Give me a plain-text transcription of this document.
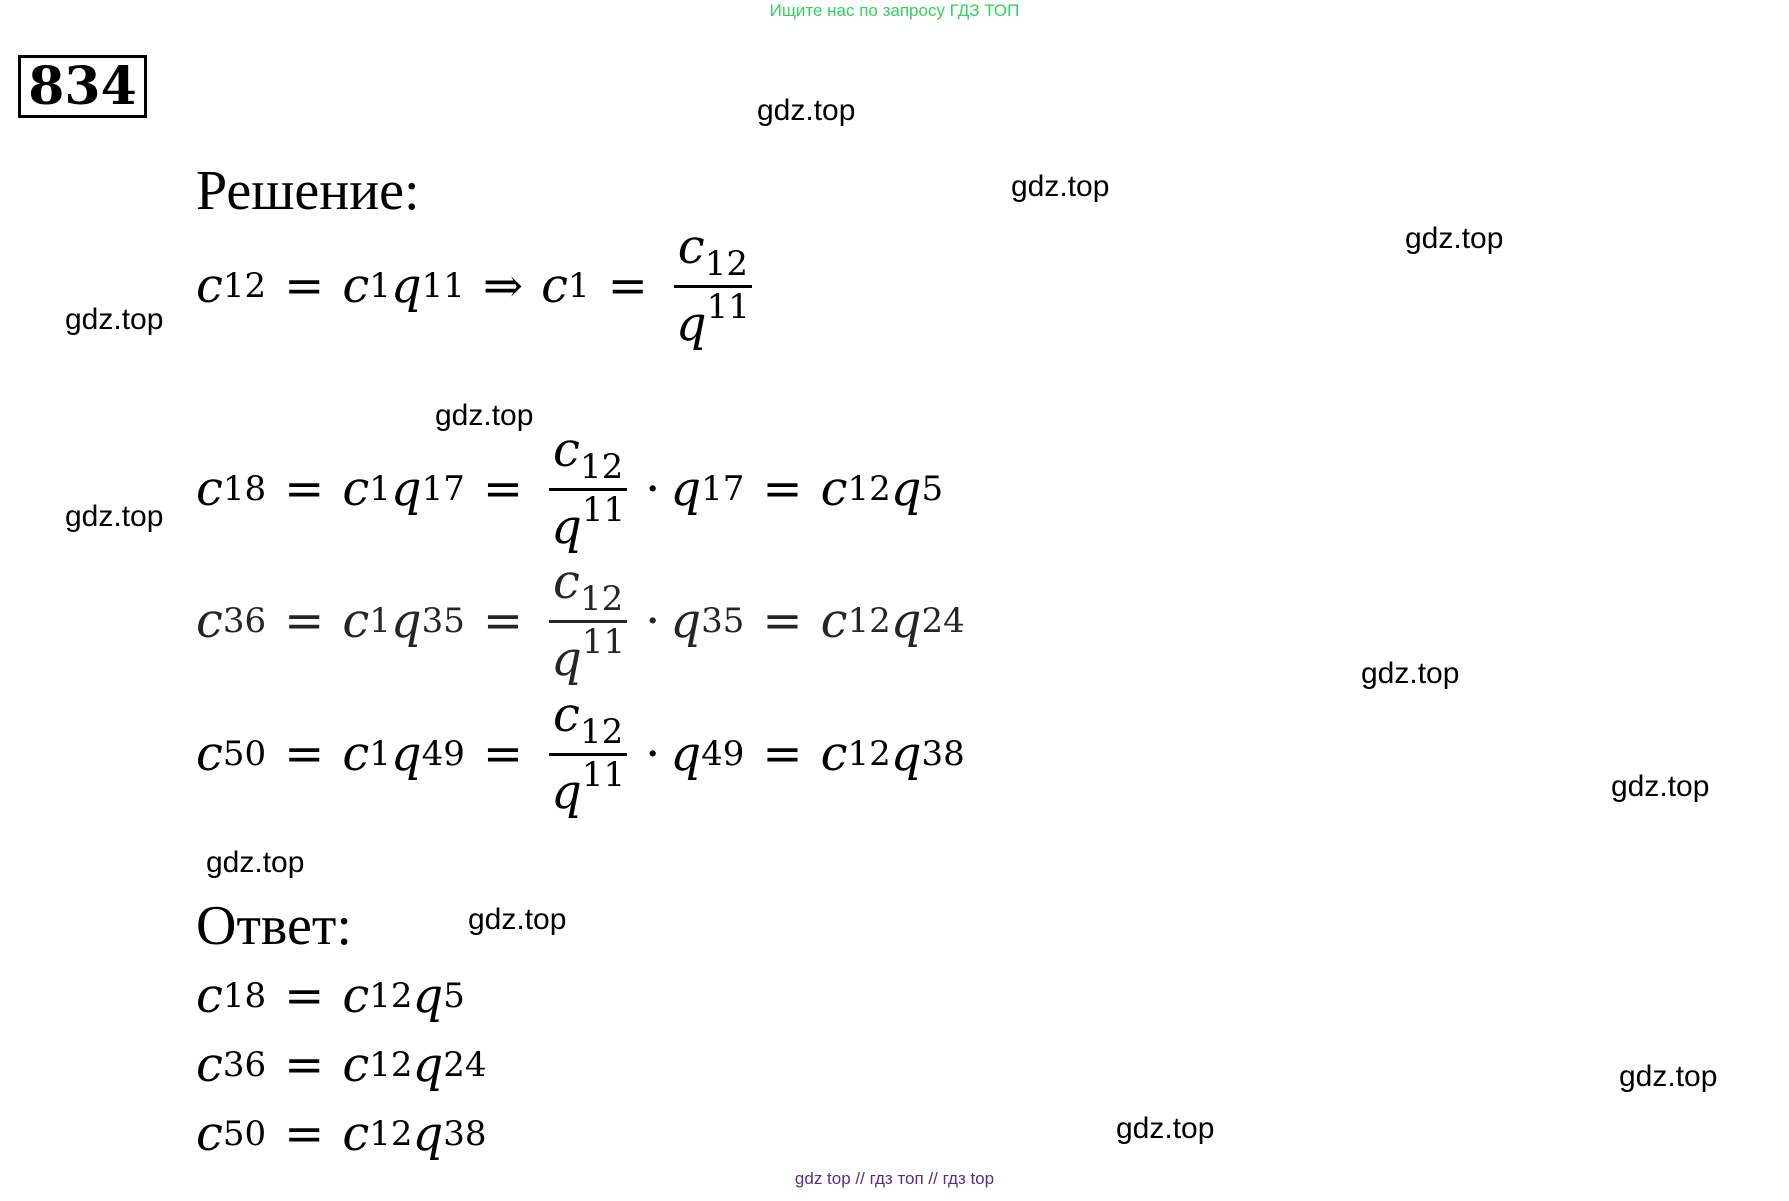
Ищите нас по запросу ГДЗ ТОП
834
Решение:
c 12 = c 1 q 11 ⇒ c $1 = \frac{c_{12}}{q^{11}}$
c 18 = c 1 q $17 = \frac{c_{12}}{q^{11}} \cdot q$ 17 = c 12 q 5
c 36 = c 1 q $35 = \frac{c_{12}}{q^{11}} \cdot q$ 35 = c 12 q 24
c 50 = c 1 q $49 = \frac{c_{12}}{q^{11}} \cdot q$ 49 = c 12 q 38
Ответ:
c 18 = c 12 q 5
c 36 = c 12 q 24
c 50 = c 12 q 38
gdz.top
gdz.top
gdz.top
gdz.top
gdz.top
gdz.top
gdz.top
gdz.top
gdz.top
gdz.top
gdz.top
gdz.top
gdz top // гдз топ // гдз top
